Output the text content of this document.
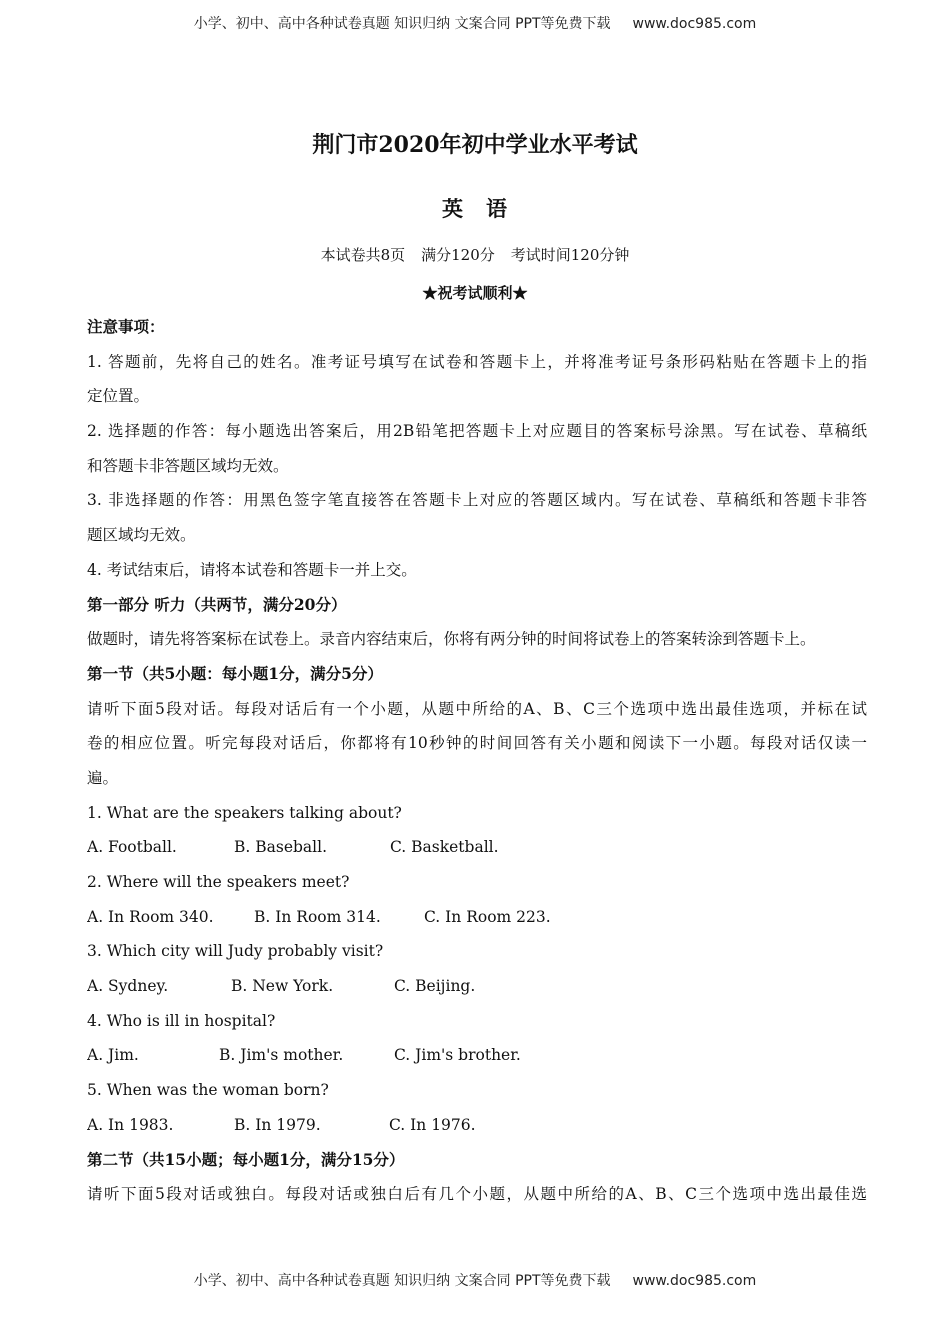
小学、初中、高中各种试卷真题 知识归纳 文案合同 PPT等免费下载 www.doc985.com
荆门市2020年初中学业水平考试
英 语
本试卷共8页 满分120分 考试时间120分钟
★祝考试顺利★
注意事项：
1. 答题前，先将自己的姓名。准考证号填写在试卷和答题卡上，并将准考证号条形码粘贴在答题卡上的指
定位置。
2. 选择题的作答：每小题选出答案后，用2B铅笔把答题卡上对应题目的答案标号涂黑。写在试卷、草稿纸
和答题卡非答题区域均无效。
3. 非选择题的作答：用黑色签字笔直接答在答题卡上对应的答题区域内。写在试卷、草稿纸和答题卡非答
题区域均无效。
4. 考试结束后，请将本试卷和答题卡一并上交。
第一部分 听力（共两节，满分20分）
做题时，请先将答案标在试卷上。录音内容结束后，你将有两分钟的时间将试卷上的答案转涂到答题卡上。
第一节（共5小题：每小题1分，满分5分）
请听下面5段对话。每段对话后有一个小题，从题中所给的A、B、C三个选项中选出最佳选项，并标在试
卷的相应位置。听完每段对话后，你都将有10秒钟的时间回答有关小题和阅读下一小题。每段对话仅读一
遍。
1. What are the speakers talking about?
A. Football.	B. Baseball.	C. Basketball.
2. Where will the speakers meet?
A. In Room 340.	B. In Room 314.	C. In Room 223.
3. Which city will Judy probably visit?
A. Sydney.	B. New York.	C. Beijing.
4. Who is ill in hospital?
A. Jim.	B. Jim's mother.	C. Jim's brother.
5. When was the woman born?
A. In 1983.	B. In 1979.	C. In 1976.
第二节（共15小题；每小题1分，满分15分）
请听下面5段对话或独白。每段对话或独白后有几个小题，从题中所给的A、B、C三个选项中选出最佳选
小学、初中、高中各种试卷真题 知识归纳 文案合同 PPT等免费下载 www.doc985.com
